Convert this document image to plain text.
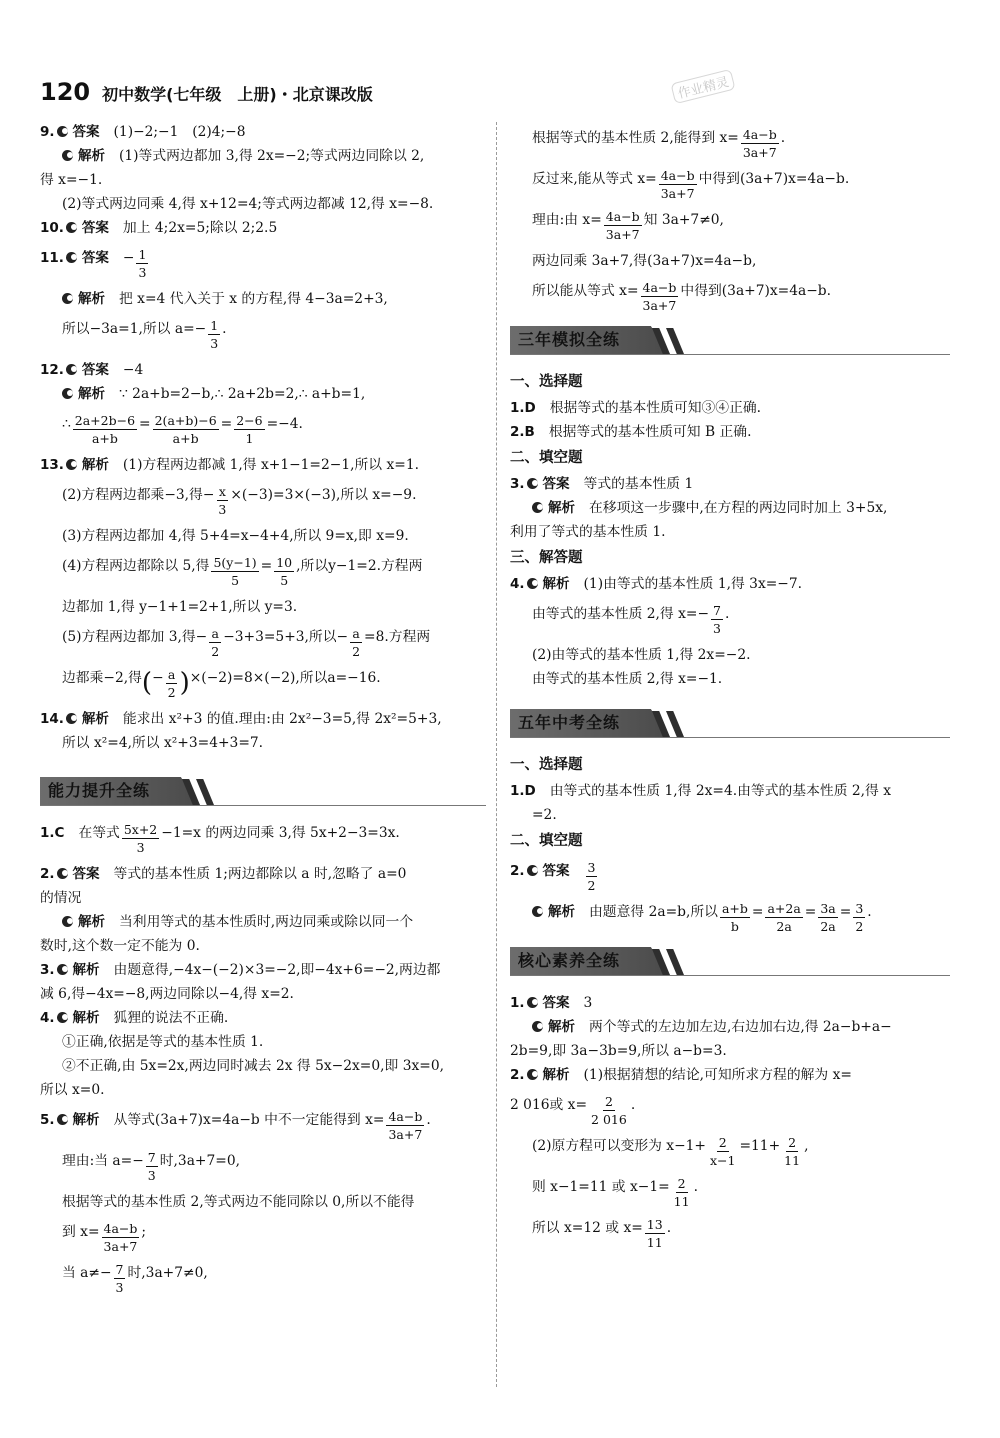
120 初中数学(七年级　上册)・北京课改版	作业精灵
9. 答案 (1)−2;−1　(2)4;−8
解析 (1)等式两边都加 3,得 2x=−2;等式两边同除以 2,
得 x=−1.
(2)等式两边同乘 4,得 x+12=4;等式两边都减 12,得 x=−8.
10. 答案 加上 4;2x=5;除以 2;2.5
11. 答案 − $\frac{1}{3}$
解析 把 x=4 代入关于 x 的方程,得 4−3a=2+3,
所以−3a=1,所以 $a=- \frac{1}{3}$ .
12. 答案 −4
解析 ∵ 2a+b=2−b,∴ 2a+2b=2,∴ a+b=1,
∴ $\frac{2a+2b-6}{a+b} = \frac{2(a+b)-6}{a+b} = \frac{2-6}{1} =-4$.
13. 解析 (1)方程两边都减 1,得 x+1−1=2−1,所以 x=1.
(2)方程两边都乘−3,得− $\frac{x}{3} \times(-3)=3\times(-3)$,所以 x=−9.
(3)方程两边都加 4,得 5+4=x−4+4,所以 9=x,即 x=9.
(4)方程两边都除以 5,得 $\frac{5(y-1)}{5} = \frac{10}{5}$ ,所以y−1=2.方程两
边都加 1,得 y−1+1=2+1,所以 y=3.
(5)方程两边都加 3,得− $\frac{a}{2} -3+3=5+3$,所以− $\frac{a}{2} =8$.方程两
边都乘−2,得 ( − $\frac{a}{2}$ ) ×(−2)=8×(−2),所以a=−16.
14. 解析 能求出 x²+3 的值.理由:由 2x²−3=5,得 2x²=5+3,
所以 x²=4,所以 x²+3=4+3=7.
能力提升全练
1.C 在等式 $\frac{5x+2}{3} -1=x$ 的两边同乘 3,得 5x+2−3=3x.
2. 答案 等式的基本性质 1;两边都除以 a 时,忽略了 a=0
的情况
解析 当利用等式的基本性质时,两边同乘或除以同一个
数时,这个数一定不能为 0.
3. 解析 由题意得,−4x−(−2)×3=−2,即−4x+6=−2,两边都
减 6,得−4x=−8,两边同除以−4,得 x=2.
4. 解析 狐狸的说法不正确.
①正确,依据是等式的基本性质 1.
②不正确,由 5x=2x,两边同时减去 2x 得 5x−2x=0,即 3x=0,
所以 x=0.
5. 解析 从等式(3a+7)x=4a−b 中不一定能得到 $x= \frac{4a-b}{3a+7}$ .
理由:当 $a=- \frac{7}{3}$ 时,3a+7=0,
根据等式的基本性质 2,等式两边不能同除以 0,所以不能得
到 $x= \frac{4a-b}{3a+7}$ ;
当 $a\ne- \frac{7}{3}$ 时,3a+7≠0,
根据等式的基本性质 2,能得到 $x= \frac{4a-b}{3a+7}$ .
反过来,能从等式 $x= \frac{4a-b}{3a+7}$ 中得到(3a+7)x=4a−b.
理由:由 $x= \frac{4a-b}{3a+7}$ 知 3a+7≠0,
两边同乘 3a+7,得(3a+7)x=4a−b,
所以能从等式 $x= \frac{4a-b}{3a+7}$ 中得到(3a+7)x=4a−b.
三年模拟全练
一、选择题
1.D 根据等式的基本性质可知③④正确.
2.B 根据等式的基本性质可知 B 正确.
二、填空题
3. 答案 等式的基本性质 1
解析 在移项这一步骤中,在方程的两边同时加上 3+5x,
利用了等式的基本性质 1.
三、解答题
4. 解析 (1)由等式的基本性质 1,得 3x=−7.
由等式的基本性质 2,得 $x=- \frac{7}{3}$ .
(2)由等式的基本性质 1,得 2x=−2.
由等式的基本性质 2,得 x=−1.
五年中考全练
一、选择题
1.D 由等式的基本性质 1,得 2x=4.由等式的基本性质 2,得 x
=2.
二、填空题
2. 答案 $\frac{3}{2}$
解析 由题意得 2a=b,所以 $\frac{a+b}{b} = \frac{a+2a}{2a} = \frac{3a}{2a} = \frac{3}{2}$ .
核心素养全练
1. 答案 3
解析 两个等式的左边加左边,右边加右边,得 2a−b+a−
2b=9,即 3a−3b=9,所以 a−b=3.
2. 解析 (1)根据猜想的结论,可知所求方程的解为 x=
2 016或 $x= \frac{2}{2 016}$ .
(2)原方程可以变形为 $x-1+ \frac{2}{x-1} =11+ \frac{2}{11}$ ,
则 x−1=11 或 $x-1= \frac{2}{11}$ .
所以 x=12 或 $x= \frac{13}{11}$ .
